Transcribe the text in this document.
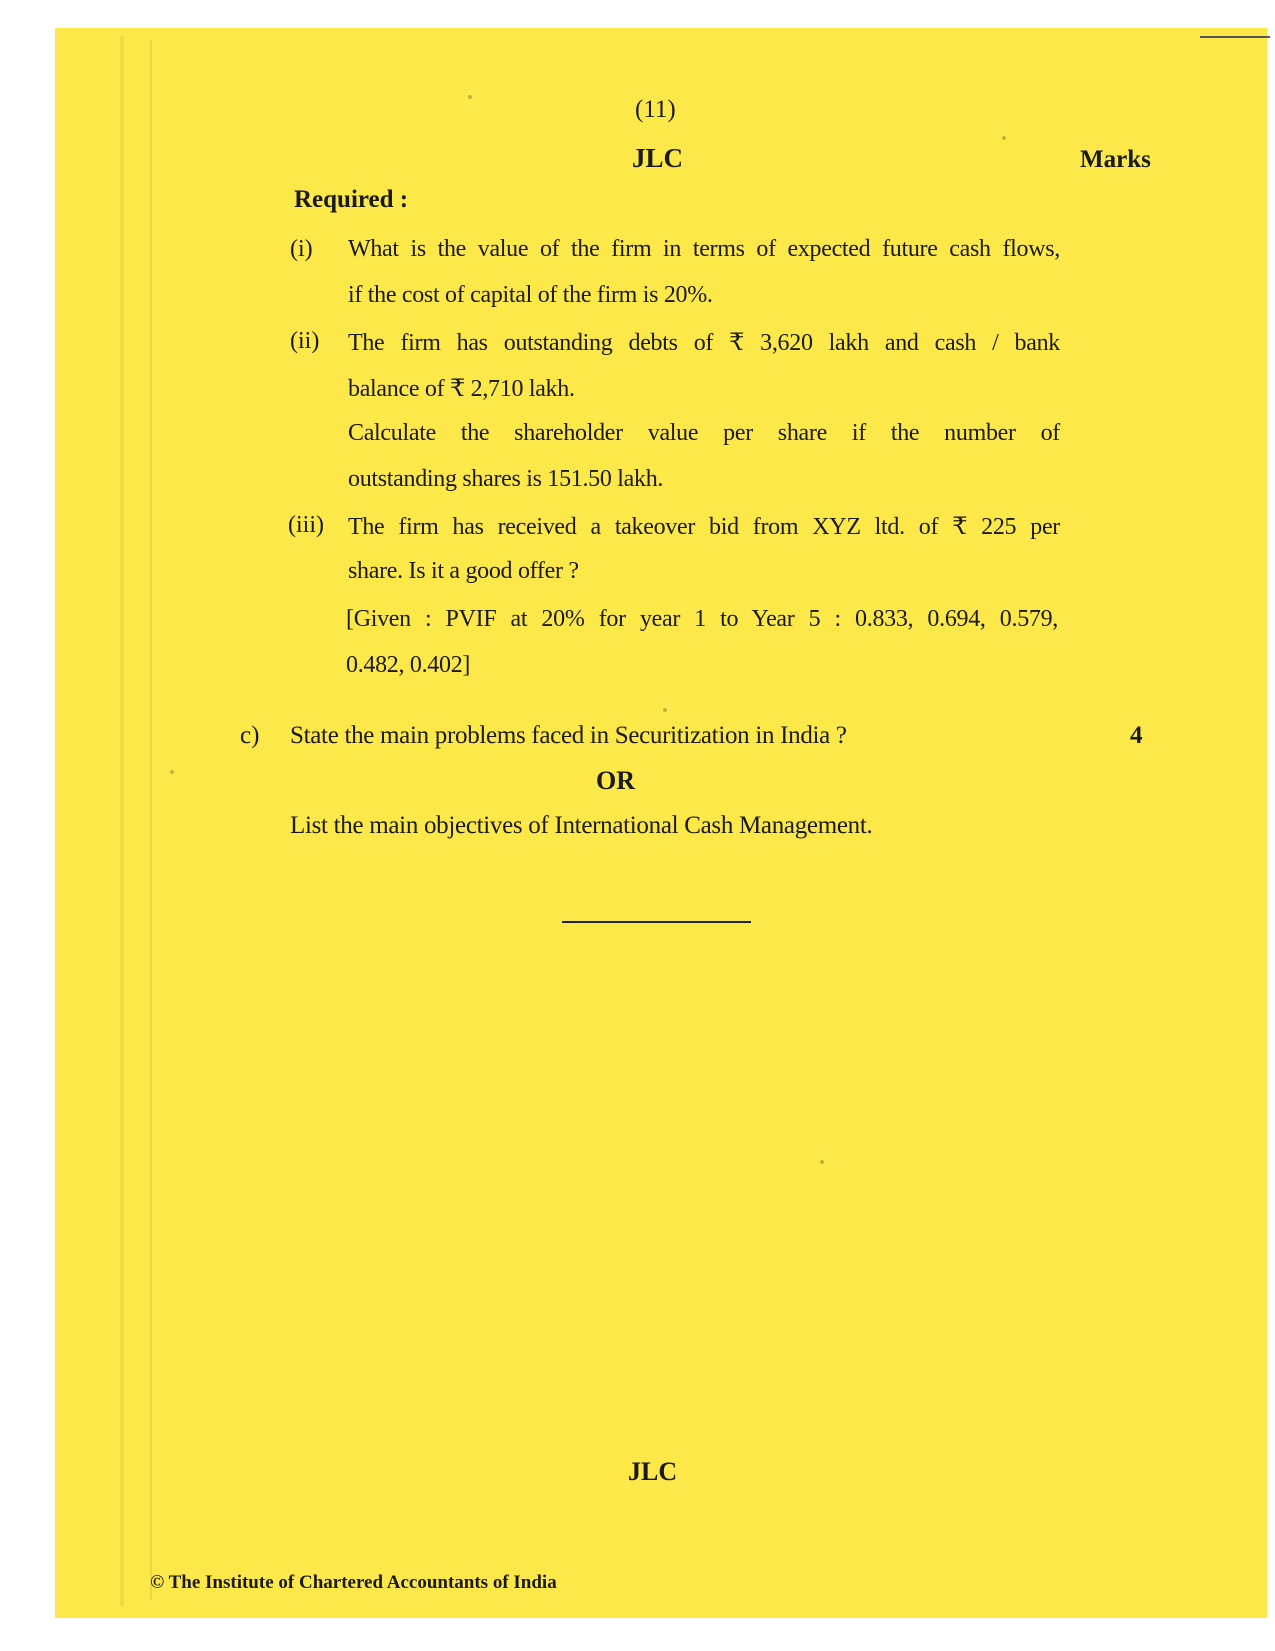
(11)
JLC	Marks
Required :
(i) What is the value of the firm in terms of expected future cash flows,
if the cost of capital of the firm is 20%.
(ii) The firm has outstanding debts of ₹ 3,620 lakh and cash / bank
balance of ₹ 2,710 lakh.
Calculate the shareholder value per share if the number of
outstanding shares is 151.50 lakh.
(iii) The firm has received a takeover bid from XYZ ltd. of ₹ 225 per
share. Is it a good offer ?
[Given : PVIF at 20% for year 1 to Year 5 : 0.833, 0.694, 0.579,
0.482, 0.402]
c) State the main problems faced in Securitization in India ?	4
OR
List the main objectives of International Cash Management.
JLC
© The Institute of Chartered Accountants of India
